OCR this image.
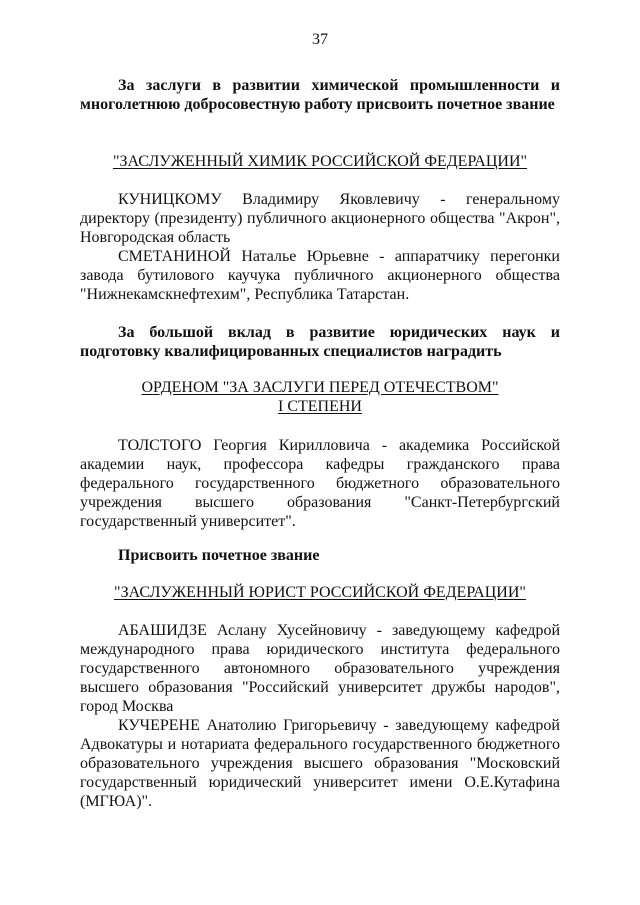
37

За заслуги в развитии химической промышленности и многолетнюю добросовестную работу присвоить почетное звание

"ЗАСЛУЖЕННЫЙ ХИМИК РОССИЙСКОЙ ФЕДЕРАЦИИ"

КУНИЦКОМУ Владимиру Яковлевичу - генеральному директору (президенту) публичного акционерного общества "Акрон", Новгородская область

СМЕТАНИНОЙ Наталье Юрьевне - аппаратчику перегонки завода бутилового каучука публичного акционерного общества "Нижнекамскнефтехим", Республика Татарстан.

За большой вклад в развитие юридических наук и подготовку квалифицированных специалистов наградить

ОРДЕНОМ "ЗА ЗАСЛУГИ ПЕРЕД ОТЕЧЕСТВОМ"

I СТЕПЕНИ

ТОЛСТОГО Георгия Кирилловича - академика Российской академии наук, профессора кафедры гражданского права федерального государственного бюджетного образовательного учреждения высшего образования "Санкт-Петербургский государственный университет".

Присвоить почетное звание

"ЗАСЛУЖЕННЫЙ ЮРИСТ РОССИЙСКОЙ ФЕДЕРАЦИИ"

АБАШИДЗЕ Аслану Хусейновичу - заведующему кафедрой международного права юридического института федерального государственного автономного образовательного учреждения высшего образования "Российский университет дружбы народов", город Москва

КУЧЕРЕНЕ Анатолию Григорьевичу - заведующему кафедрой Адвокатуры и нотариата федерального государственного бюджетного образовательного учреждения высшего образования "Московский государственный юридический университет имени О.Е.Кутафина (МГЮА)".
